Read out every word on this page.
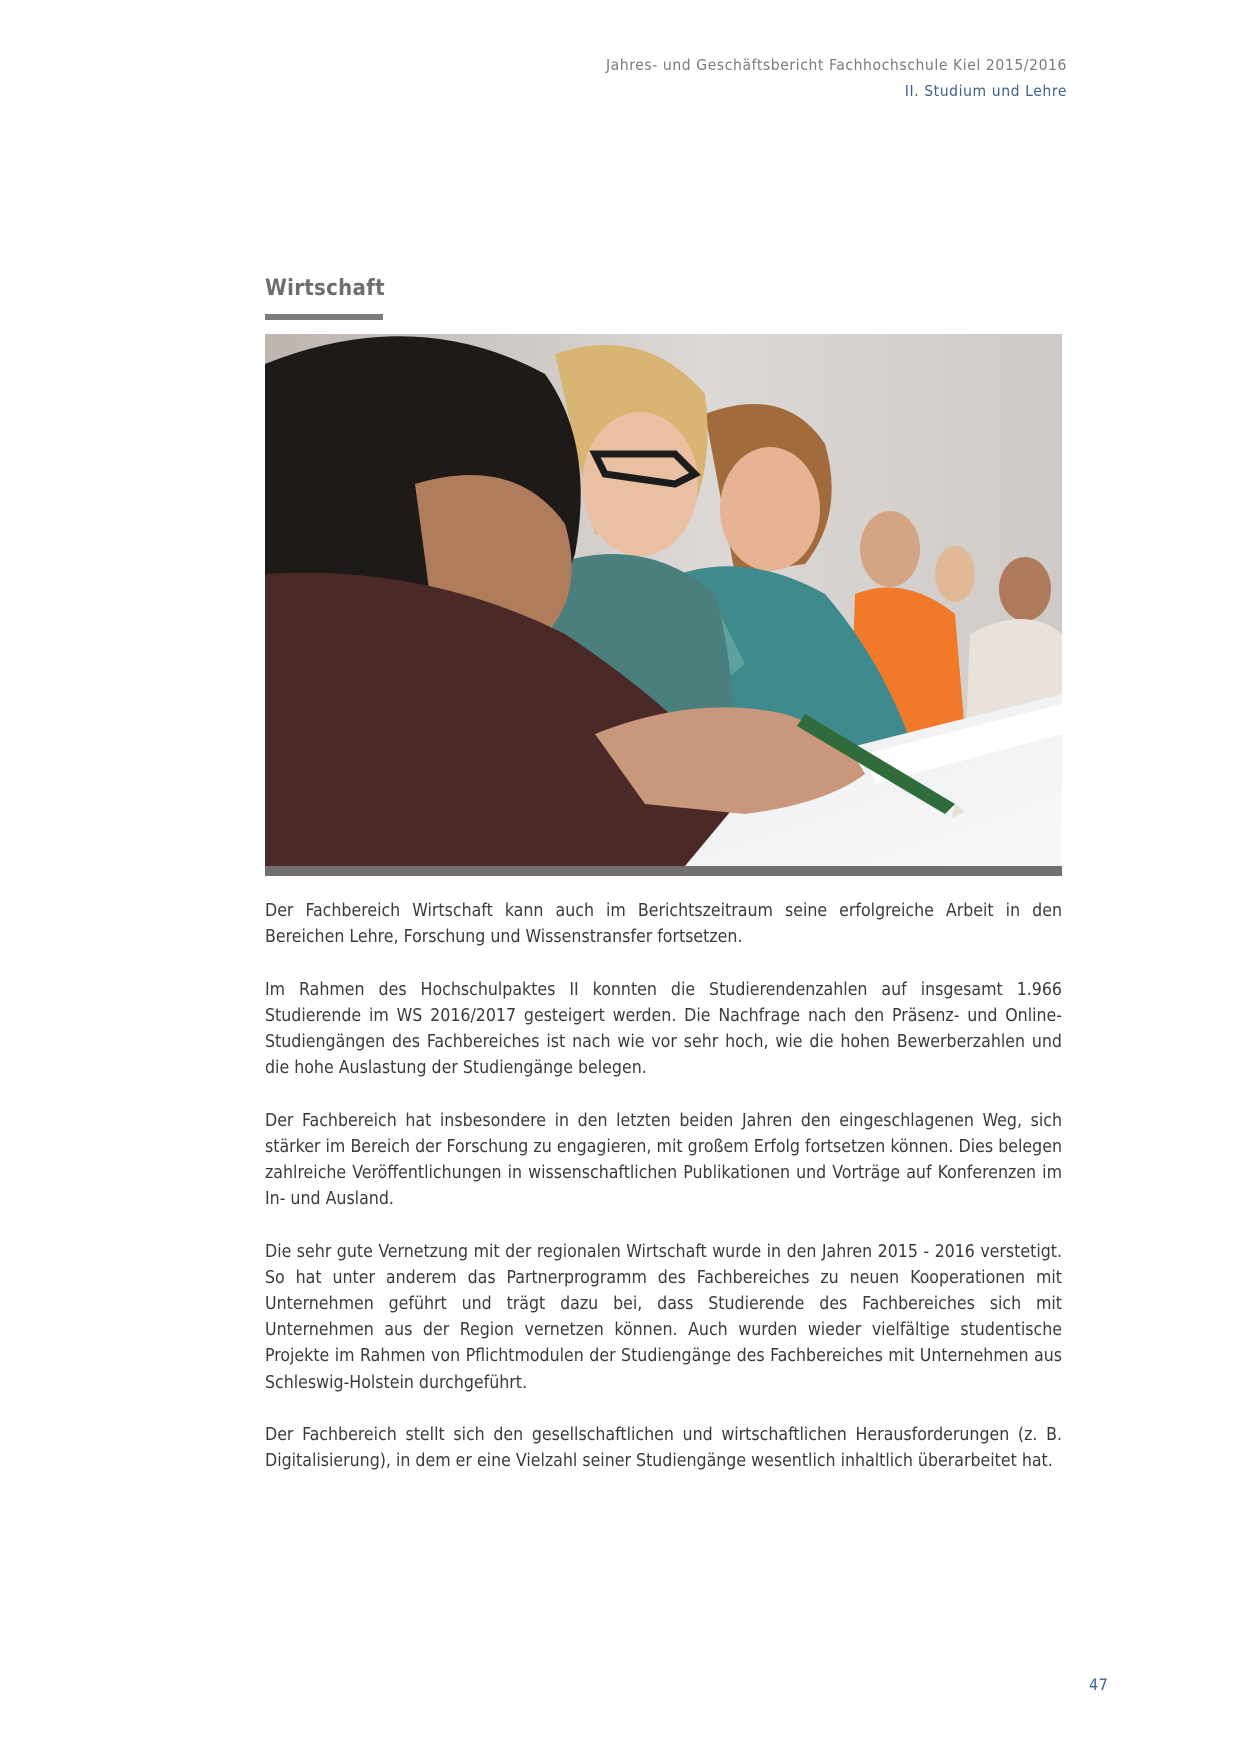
Jahres- und Geschäftsbericht Fachhochschule Kiel 2015/2016
II. Studium und Lehre
Wirtschaft

Der Fachbereich Wirtschaft kann auch im Berichtszeitraum seine erfolgreiche Arbeit in den Bereichen Lehre, Forschung und Wissenstransfer fortsetzen.

Im Rahmen des Hochschulpaktes II konnten die Studierendenzahlen auf insgesamt 1.966 Studierende im WS 2016/2017 gesteigert werden. Die Nachfrage nach den Präsenz- und Online-Studiengängen des Fachbereiches ist nach wie vor sehr hoch, wie die hohen Bewerberzahlen und die hohe Auslastung der Studiengänge belegen.

Der Fachbereich hat insbesondere in den letzten beiden Jahren den eingeschlagenen Weg, sich stärker im Bereich der Forschung zu engagieren, mit großem Erfolg fortsetzen können. Dies belegen zahlreiche Veröffentlichungen in wissenschaftlichen Publikationen und Vorträge auf Konferenzen im In- und Ausland.

Die sehr gute Vernetzung mit der regionalen Wirtschaft wurde in den Jahren 2015 - 2016 verstetigt. So hat unter anderem das Partnerprogramm des Fachbereiches zu neuen Kooperationen mit Unternehmen geführt und trägt dazu bei, dass Studierende des Fachbereiches sich mit Unternehmen aus der Region vernetzen können. Auch wurden wieder vielfältige studentische Projekte im Rahmen von Pflichtmodulen der Studiengänge des Fachbereiches mit Unternehmen aus Schleswig-Holstein durchgeführt.

Der Fachbereich stellt sich den gesellschaftlichen und wirtschaftlichen Herausforderungen (z. B. Digitalisierung), in dem er eine Vielzahl seiner Studiengänge wesentlich inhaltlich überarbeitet hat.

47
